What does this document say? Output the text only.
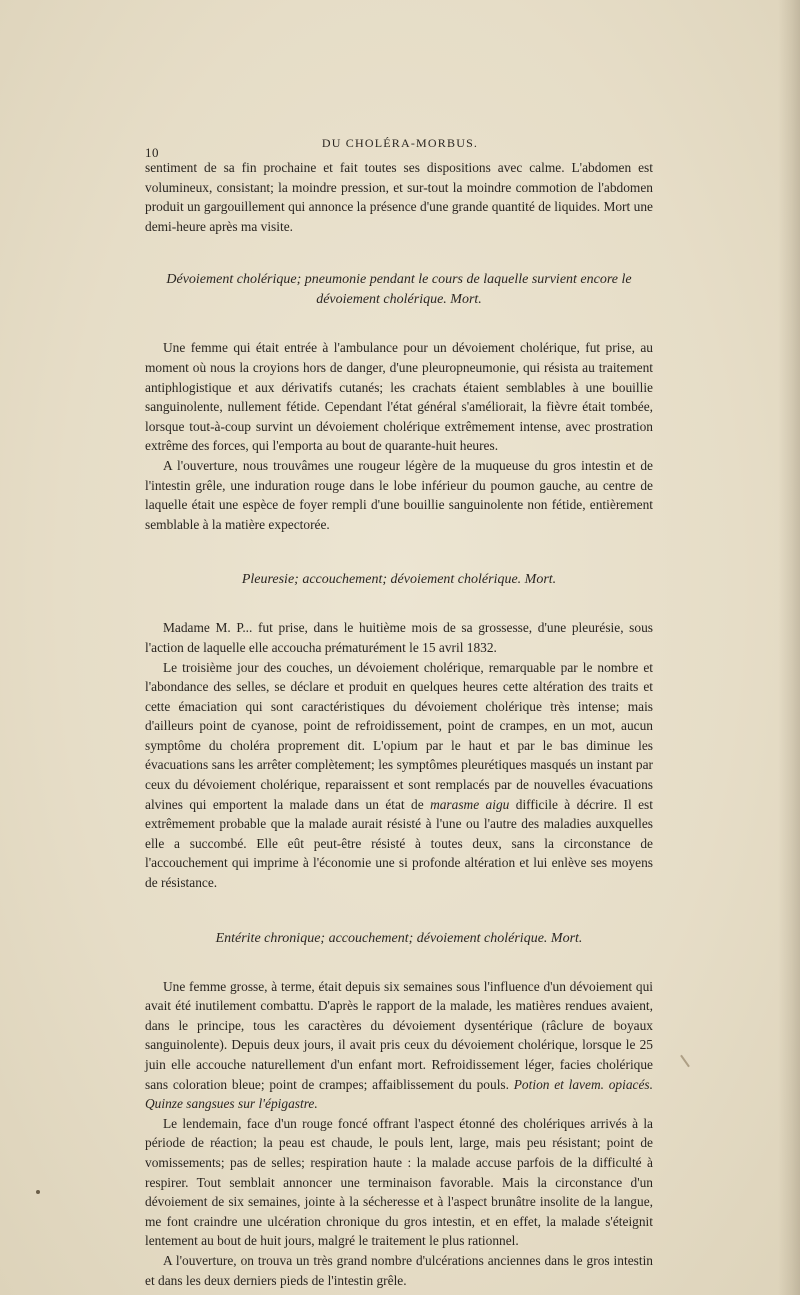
10
DU CHOLÉRA-MORBUS.

sentiment de sa fin prochaine et fait toutes ses dispositions avec calme. L'abdomen est volumineux, consistant; la moindre pression, et sur-tout la moindre commotion de l'abdomen produit un gargouillement qui annonce la présence d'une grande quantité de liquides. Mort une demi-heure après ma visite.

Dévoiement cholérique; pneumonie pendant le cours de laquelle survient encore le dévoiement cholérique. Mort.

Une femme qui était entrée à l'ambulance pour un dévoiement cholérique, fut prise, au moment où nous la croyions hors de danger, d'une pleuropneumonie, qui résista au traitement antiphlogistique et aux dérivatifs cutanés; les crachats étaient semblables à une bouillie sanguinolente, nullement fétide. Cependant l'état général s'améliorait, la fièvre était tombée, lorsque tout-à-coup survint un dévoiement cholérique extrêmement intense, avec prostration extrême des forces, qui l'emporta au bout de quarante-huit heures.

A l'ouverture, nous trouvâmes une rougeur légère de la muqueuse du gros intestin et de l'intestin grêle, une induration rouge dans le lobe inférieur du poumon gauche, au centre de laquelle était une espèce de foyer rempli d'une bouillie sanguinolente non fétide, entièrement semblable à la matière expectorée.

Pleuresie; accouchement; dévoiement cholérique. Mort.

Madame M. P... fut prise, dans le huitième mois de sa grossesse, d'une pleurésie, sous l'action de laquelle elle accoucha prématurément le 15 avril 1832.

Le troisième jour des couches, un dévoiement cholérique, remarquable par le nombre et l'abondance des selles, se déclare et produit en quelques heures cette altération des traits et cette émaciation qui sont caractéristiques du dévoiement cholérique très intense; mais d'ailleurs point de cyanose, point de refroidissement, point de crampes, en un mot, aucun symptôme du choléra proprement dit. L'opium par le haut et par le bas diminue les évacuations sans les arrêter complètement; les symptômes pleurétiques masqués un instant par ceux du dévoiement cholérique, reparaissent et sont remplacés par de nouvelles évacuations alvines qui emportent la malade dans un état de marasme aigu difficile à décrire. Il est extrêmement probable que la malade aurait résisté à l'une ou l'autre des maladies auxquelles elle a succombé. Elle eût peut-être résisté à toutes deux, sans la circonstance de l'accouchement qui imprime à l'économie une si profonde altération et lui enlève ses moyens de résistance.

Entérite chronique; accouchement; dévoiement cholérique. Mort.

Une femme grosse, à terme, était depuis six semaines sous l'influence d'un dévoiement qui avait été inutilement combattu. D'après le rapport de la malade, les matières rendues avaient, dans le principe, tous les caractères du dévoiement dysentérique (râclure de boyaux sanguinolente). Depuis deux jours, il avait pris ceux du dévoiement cholérique, lorsque le 25 juin elle accouche naturellement d'un enfant mort. Refroidissement léger, facies cholérique sans coloration bleue; point de crampes; affaiblissement du pouls. Potion et lavem. opiacés. Quinze sangsues sur l'épigastre.

Le lendemain, face d'un rouge foncé offrant l'aspect étonné des cholériques arrivés à la période de réaction; la peau est chaude, le pouls lent, large, mais peu résistant; point de vomissements; pas de selles; respiration haute : la malade accuse parfois de la difficulté à respirer. Tout semblait annoncer une terminaison favorable. Mais la circonstance d'un dévoiement de six semaines, jointe à la sécheresse et à l'aspect brunâtre insolite de la langue, me font craindre une ulcération chronique du gros intestin, et en effet, la malade s'éteignit lentement au bout de huit jours, malgré le traitement le plus rationnel.

A l'ouverture, on trouva un très grand nombre d'ulcérations anciennes dans le gros intestin et dans les deux derniers pieds de l'intestin grêle.
